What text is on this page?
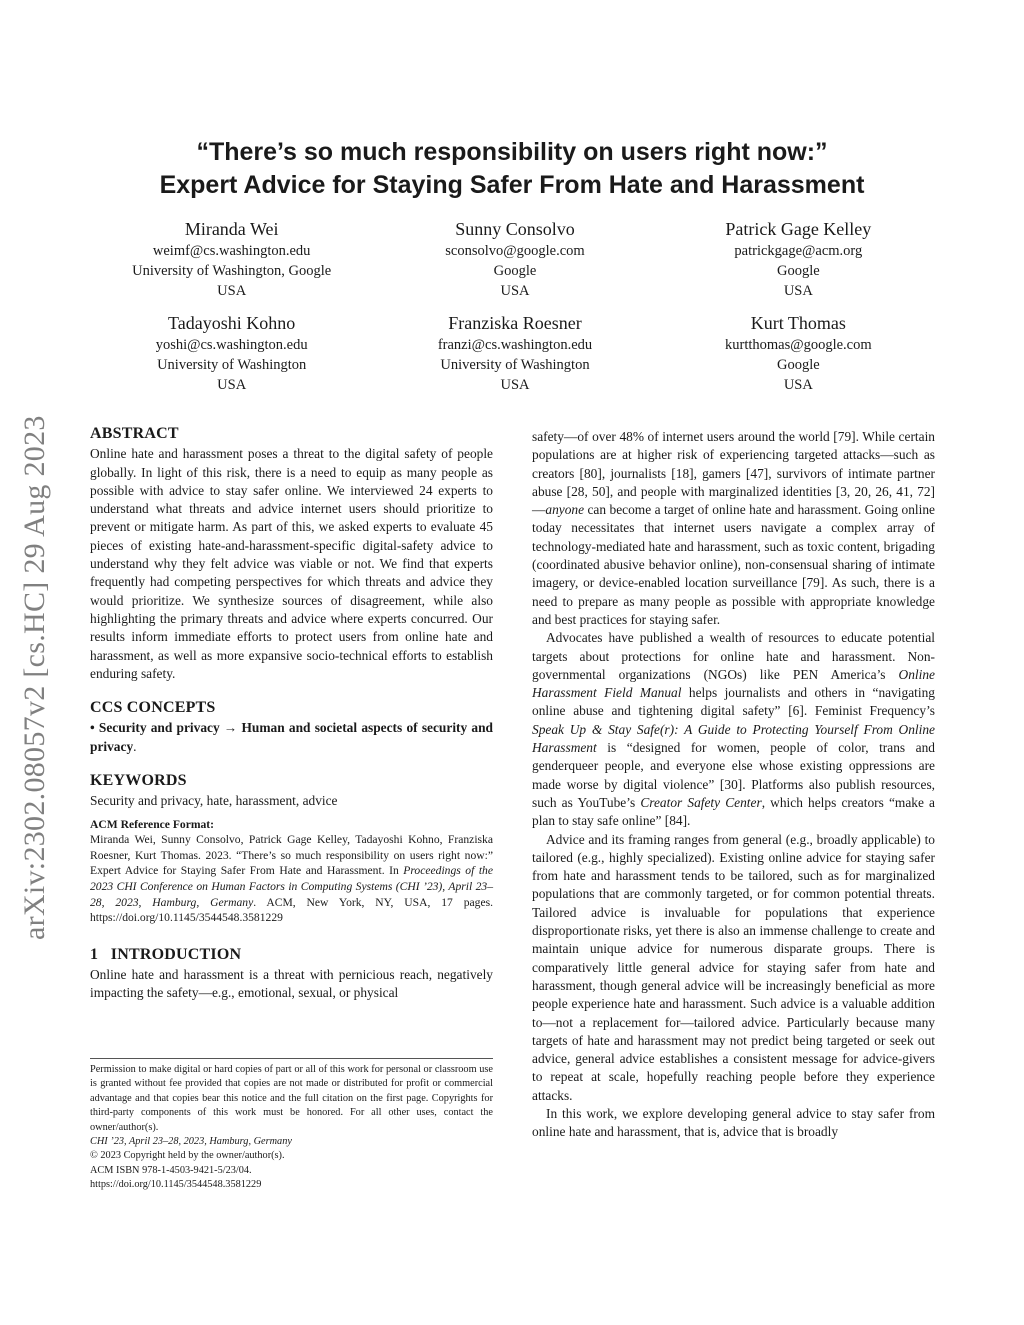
arXiv:2302.08057v2 [cs.HC] 29 Aug 2023
“There’s so much responsibility on users right now:”
Expert Advice for Staying Safer From Hate and Harassment
Miranda Wei
weimf@cs.washington.edu
University of Washington, Google
USA
Sunny Consolvo
sconsolvo@google.com
Google
USA
Patrick Gage Kelley
patrickgage@acm.org
Google
USA
Tadayoshi Kohno
yoshi@cs.washington.edu
University of Washington
USA
Franziska Roesner
franzi@cs.washington.edu
University of Washington
USA
Kurt Thomas
kurtthomas@google.com
Google
USA
ABSTRACT

Online hate and harassment poses a threat to the digital safety of people globally. In light of this risk, there is a need to equip as many people as possible with advice to stay safer online. We interviewed 24 experts to understand what threats and advice internet users should prioritize to prevent or mitigate harm. As part of this, we asked experts to evaluate 45 pieces of existing hate-and-harassment-specific digital-safety advice to understand why they felt advice was viable or not. We find that experts frequently had competing perspectives for which threats and advice they would prioritize. We synthesize sources of disagreement, while also highlighting the primary threats and advice where experts concurred. Our results inform immediate efforts to protect users from online hate and harassment, as well as more expansive socio-technical efforts to establish enduring safety.

CCS CONCEPTS

• Security and privacy → Human and societal aspects of security and privacy.

KEYWORDS

Security and privacy, hate, harassment, advice

ACM Reference Format:

Miranda Wei, Sunny Consolvo, Patrick Gage Kelley, Tadayoshi Kohno, Franziska Roesner, Kurt Thomas. 2023. “There’s so much responsibility on users right now:” Expert Advice for Staying Safer From Hate and Harassment. In Proceedings of the 2023 CHI Conference on Human Factors in Computing Systems (CHI ’23), April 23–28, 2023, Hamburg, Germany. ACM, New York, NY, USA, 17 pages. https://doi.org/10.1145/3544548.3581229

1   INTRODUCTION

Online hate and harassment is a threat with pernicious reach, negatively impacting the safety—e.g., emotional, sexual, or physical

Permission to make digital or hard copies of part or all of this work for personal or classroom use is granted without fee provided that copies are not made or distributed for profit or commercial advantage and that copies bear this notice and the full citation on the first page. Copyrights for third-party components of this work must be honored. For all other uses, contact the owner/author(s).

CHI ’23, April 23–28, 2023, Hamburg, Germany

© 2023 Copyright held by the owner/author(s).

ACM ISBN 978-1-4503-9421-5/23/04.

https://doi.org/10.1145/3544548.3581229

safety—of over 48% of internet users around the world [79]. While certain populations are at higher risk of experiencing targeted attacks—such as creators [80], journalists [18], gamers [47], survivors of intimate partner abuse [28, 50], and people with marginalized identities [3, 20, 26, 41, 72]—anyone can become a target of online hate and harassment. Going online today necessitates that internet users navigate a complex array of technology-mediated hate and harassment, such as toxic content, brigading (coordinated abusive behavior online), non-consensual sharing of intimate imagery, or device-enabled location surveillance [79]. As such, there is a need to prepare as many people as possible with appropriate knowledge and best practices for staying safer.

Advocates have published a wealth of resources to educate potential targets about protections for online hate and harassment. Non-governmental organizations (NGOs) like PEN America’s Online Harassment Field Manual helps journalists and others in “navigating online abuse and tightening digital safety” [6]. Feminist Frequency’s Speak Up & Stay Safe(r): A Guide to Protecting Yourself From Online Harassment is “designed for women, people of color, trans and genderqueer people, and everyone else whose existing oppressions are made worse by digital violence” [30]. Platforms also publish resources, such as YouTube’s Creator Safety Center, which helps creators “make a plan to stay safe online” [84].

Advice and its framing ranges from general (e.g., broadly applicable) to tailored (e.g., highly specialized). Existing online advice for staying safer from hate and harassment tends to be tailored, such as for marginalized populations that are commonly targeted, or for common potential threats. Tailored advice is invaluable for populations that experience disproportionate risks, yet there is also an immense challenge to create and maintain unique advice for numerous disparate groups. There is comparatively little general advice for staying safer from hate and harassment, though general advice will be increasingly beneficial as more people experience hate and harassment. Such advice is a valuable addition to—not a replacement for—tailored advice. Particularly because many targets of hate and harassment may not predict being targeted or seek out advice, general advice establishes a consistent message for advice-givers to repeat at scale, hopefully reaching people before they experience attacks.

In this work, we explore developing general advice to stay safer from online hate and harassment, that is, advice that is broadly
